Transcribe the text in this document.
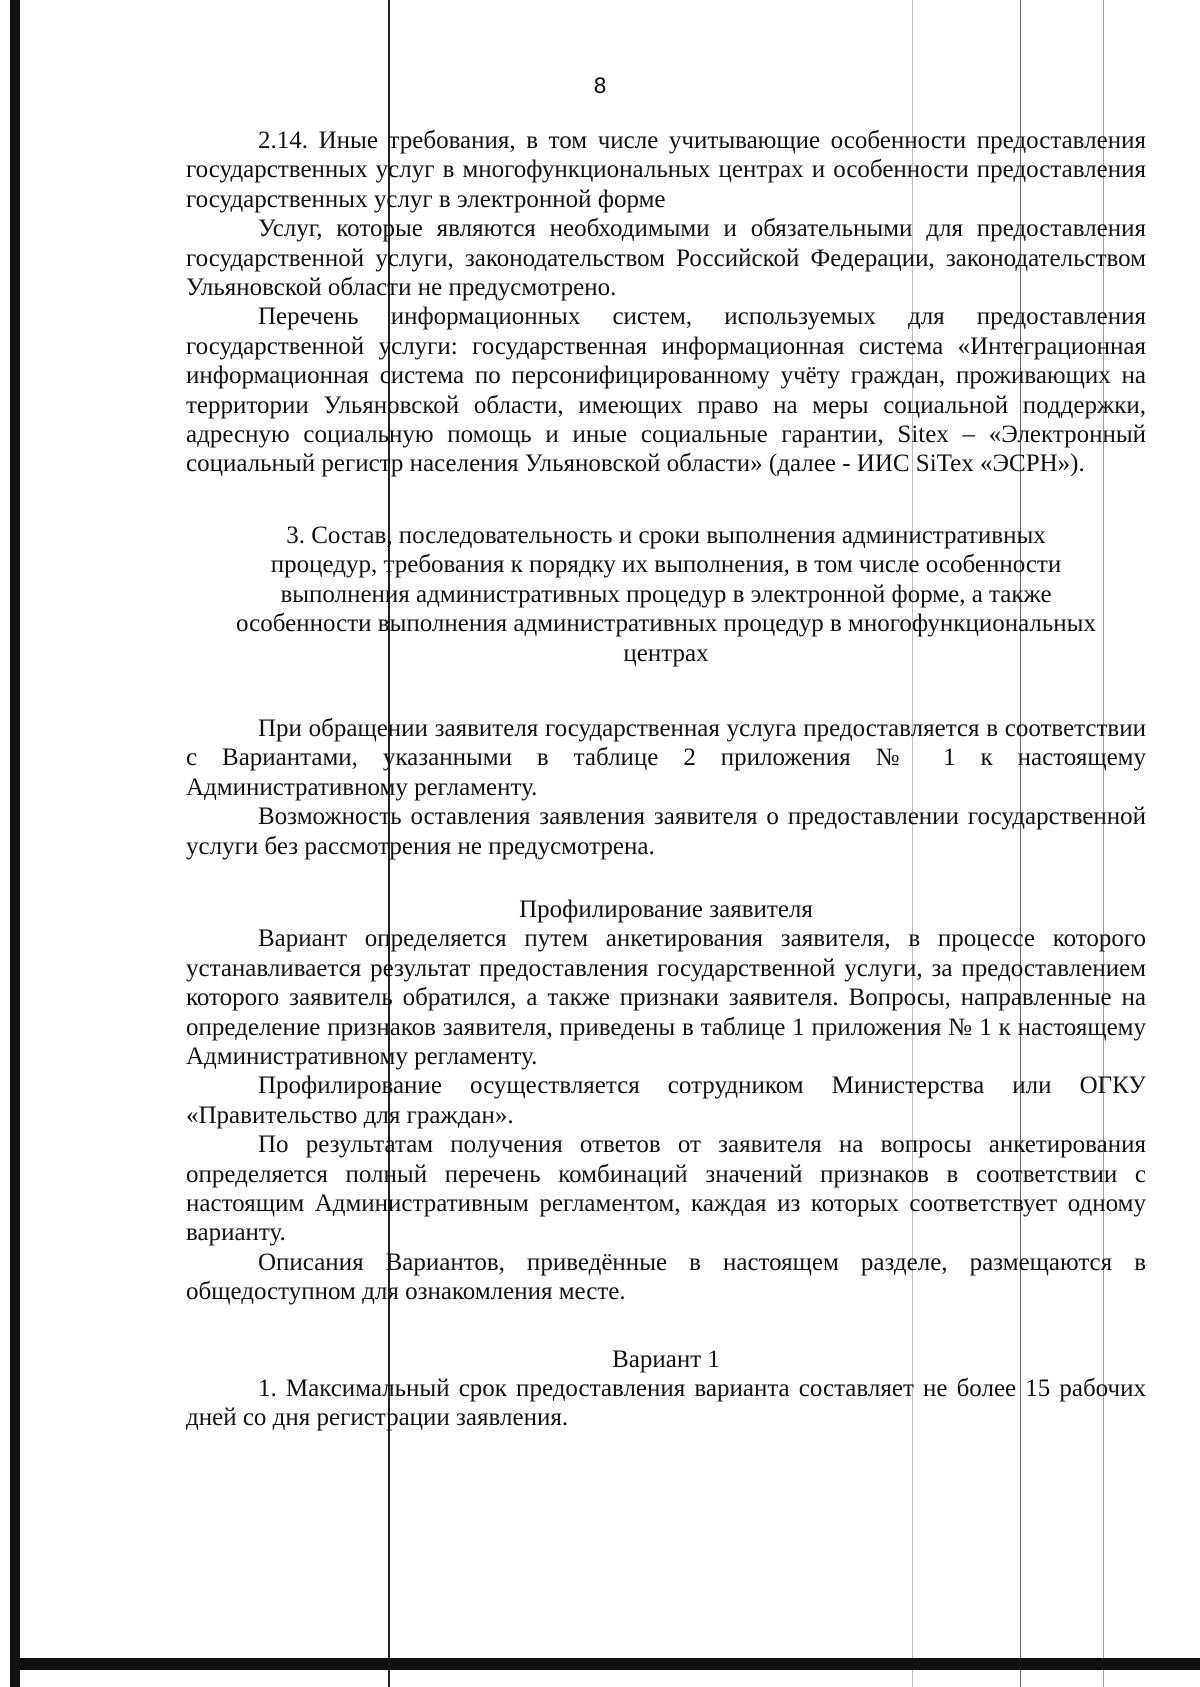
8

2.14. Иные требования, в том числе учитывающие особенности предоставления государственных услуг в многофункциональных центрах и особенности предоставления государственных услуг в электронной форме

Услуг, которые являются необходимыми и обязательными для предоставления государственной услуги, законодательством Российской Федерации, законодательством Ульяновской области не предусмотрено.

Перечень информационных систем, используемых для предоставления государственной услуги: государственная информационная система «Интеграционная информационная система по персонифицированному учёту граждан, проживающих на территории Ульяновской области, имеющих право на меры социальной поддержки, адресную социальную помощь и иные социальные гарантии, Sitex – «Электронный социальный регистр населения Ульяновской области» (далее - ИИС SiTex «ЭСРН»).

3. Состав, последовательность и сроки выполнения административных процедур, требования к порядку их выполнения, в том числе особенности выполнения административных процедур в электронной форме, а также особенности выполнения административных процедур в многофункциональных центрах

При обращении заявителя государственная услуга предоставляется в соответствии с Вариантами, указанными в таблице 2 приложения № 1 к настоящему Административному регламенту.

Возможность оставления заявления заявителя о предоставлении государственной услуги без рассмотрения не предусмотрена.

Профилирование заявителя

Вариант определяется путем анкетирования заявителя, в процессе которого устанавливается результат предоставления государственной услуги, за предоставлением которого заявитель обратился, а также признаки заявителя. Вопросы, направленные на определение признаков заявителя, приведены в таблице 1 приложения № 1 к настоящему Административному регламенту.

Профилирование осуществляется сотрудником Министерства или ОГКУ «Правительство для граждан».

По результатам получения ответов от заявителя на вопросы анкетирования определяется полный перечень комбинаций значений признаков в соответствии с настоящим Административным регламентом, каждая из которых соответствует одному варианту.

Описания Вариантов, приведённые в настоящем разделе, размещаются в общедоступном для ознакомления месте.

Вариант 1

1. Максимальный срок предоставления варианта составляет не более 15 рабочих дней со дня регистрации заявления.
